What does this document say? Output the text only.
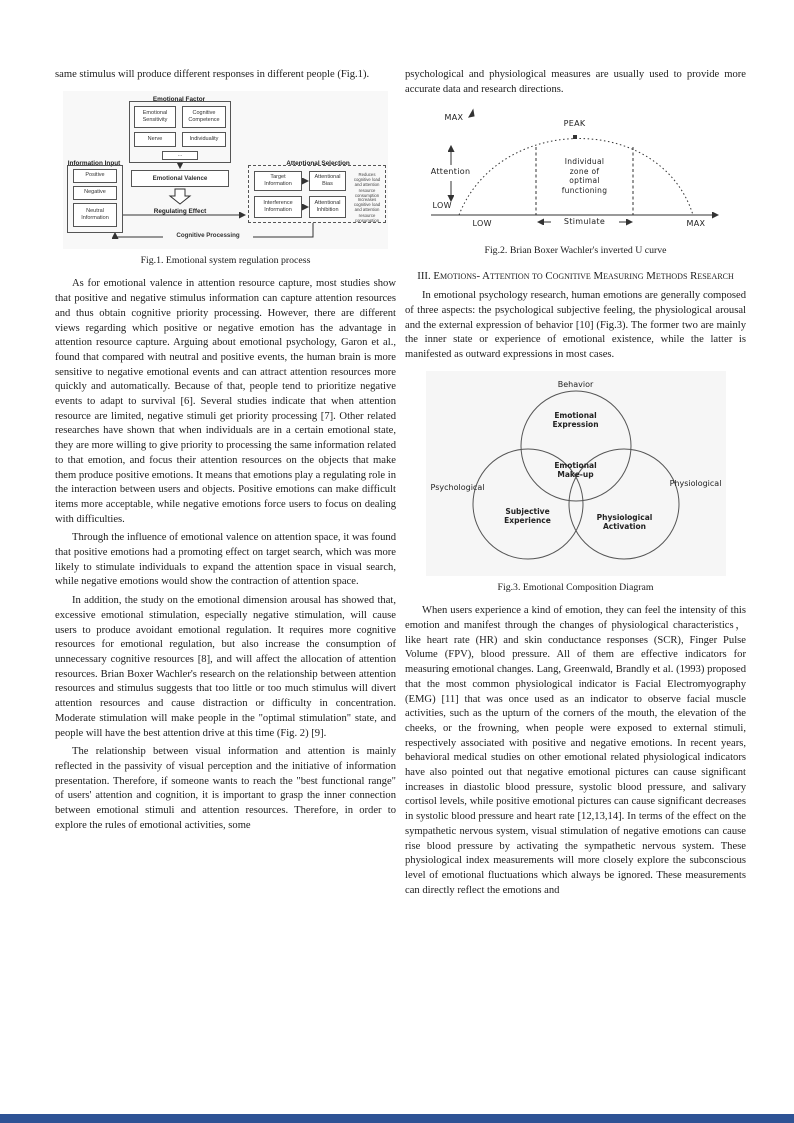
same stimulus will produce different responses in different people (Fig.1).

Emotional Factor
Emotional Sensitivity
Cognitive Competence
Nerve	Individuality
...
Information Input
Positive
Negative
Neutral Information
Emotional Valence
Regulating Effect
Attentional Selection
Target Information
Attentional Bias
Reduces cognitive load and attention resource consumption
Interference Information
Attentional Inhibition
Increases cognitive load and attention resource consumption
Cognitive Processing
Fig.1. Emotional system regulation process

As for emotional valence in attention resource capture, most studies show that positive and negative stimulus information can capture attention resources and thus obtain cognitive priority processing. However, there are different views regarding which positive or negative emotion has the advantage in attention resource capture. Arguing about emotional psychology, Garon et al., found that compared with neutral and positive events, the human brain is more sensitive to negative emotional events and can attract attention resources more quickly and automatically. Because of that, people tend to prioritize negative events to adapt to survival [6]. Several studies indicate that when attention resource are limited, negative stimuli get priority processing [7]. Other related researches have shown that when individuals are in a certain emotional state, they are more willing to give priority to processing the same information related to that emotion, and focus their attention resources on the objects that make them produce positive emotions. It means that emotions play a regulating role in the interaction between users and objects. Positive emotions can make difficult items more acceptable, while negative emotions force users to focus on dealing with difficulties.

Through the influence of emotional valence on attention space, it was found that positive emotions had a promoting effect on target search, which was more likely to stimulate individuals to expand the attention space in visual search, while negative emotions would show the contraction of attention space.

In addition, the study on the emotional dimension arousal has showed that, excessive emotional stimulation, especially negative stimulation, will cause users to produce avoidant emotional regulation. It requires more cognitive resources for emotional regulation, but also increase the consumption of unnecessary cognitive resources [8], and will affect the allocation of attention resources. Brian Boxer Wachler's research on the relationship between attention resources and stimulus suggests that too little or too much stimulus will divert attention resources and cause distraction or difficulty in concentration. Moderate stimulation will make people in the "optimal stimulation" state, and people will have the best attention drive at this time (Fig. 2) [9].

The relationship between visual information and attention is mainly reflected in the passivity of visual perception and the initiative of information presentation. Therefore, if someone wants to reach the "best functional range" of users' attention and cognition, it is important to grasp the inner connection between emotional stimuli and attention resources. Therefore, in order to explore the rules of emotional activities, some

psychological and physiological measures are usually used to provide more accurate data and research directions.

MAX
Attention
LOW
PEAK
Individual zone of optimal functioning
LOW	Stimulate	MAX
Fig.2. Brian Boxer Wachler's inverted U curve
III. Emotions- Attention to Cognitive Measuring Methods Research

In emotional psychology research, human emotions are generally composed of three aspects: the psychological subjective feeling, the physiological arousal and the external expression of behavior [10] (Fig.3). The former two are mainly the inner state or experience of emotional existence, while the latter is manifested as outward expressions in most cases.

Behavior
Emotional Expression
Psychological	Physiological
Emotional Make-up
Subjective Experience	Physiological Activation
Fig.3. Emotional Composition Diagram

When users experience a kind of emotion, they can feel the intensity of this emotion and manifest through the changes of physiological characteristics， like heart rate (HR) and skin conductance responses (SCR), Finger Pulse Volume (FPV), blood pressure. All of them are effective indicators for measuring emotional changes. Lang, Greenwald, Brandly et al. (1993) proposed that the most common physiological indicator is Facial Electromyography (EMG) [11] that was once used as an indicator to observe facial muscle activities, such as the upturn of the corners of the mouth, the elevation of the cheeks, or the frowning, when people were exposed to external stimuli, respectively associated with positive and negative emotions. In recent years, behavioral medical studies on other emotional related physiological indicators have also pointed out that negative emotional pictures can cause significant increases in diastolic blood pressure, systolic blood pressure, and salivary cortisol levels, while positive emotional pictures can cause significant decreases in systolic blood pressure and heart rate [12,13,14]. In terms of the effect on the sympathetic nervous system, visual stimulation of negative emotions can cause rise blood pressure by activating the sympathetic nervous system. These physiological index measurements will more closely explore the subconscious level of emotional fluctuations which always be ignored. These measurements can directly reflect the emotions and
